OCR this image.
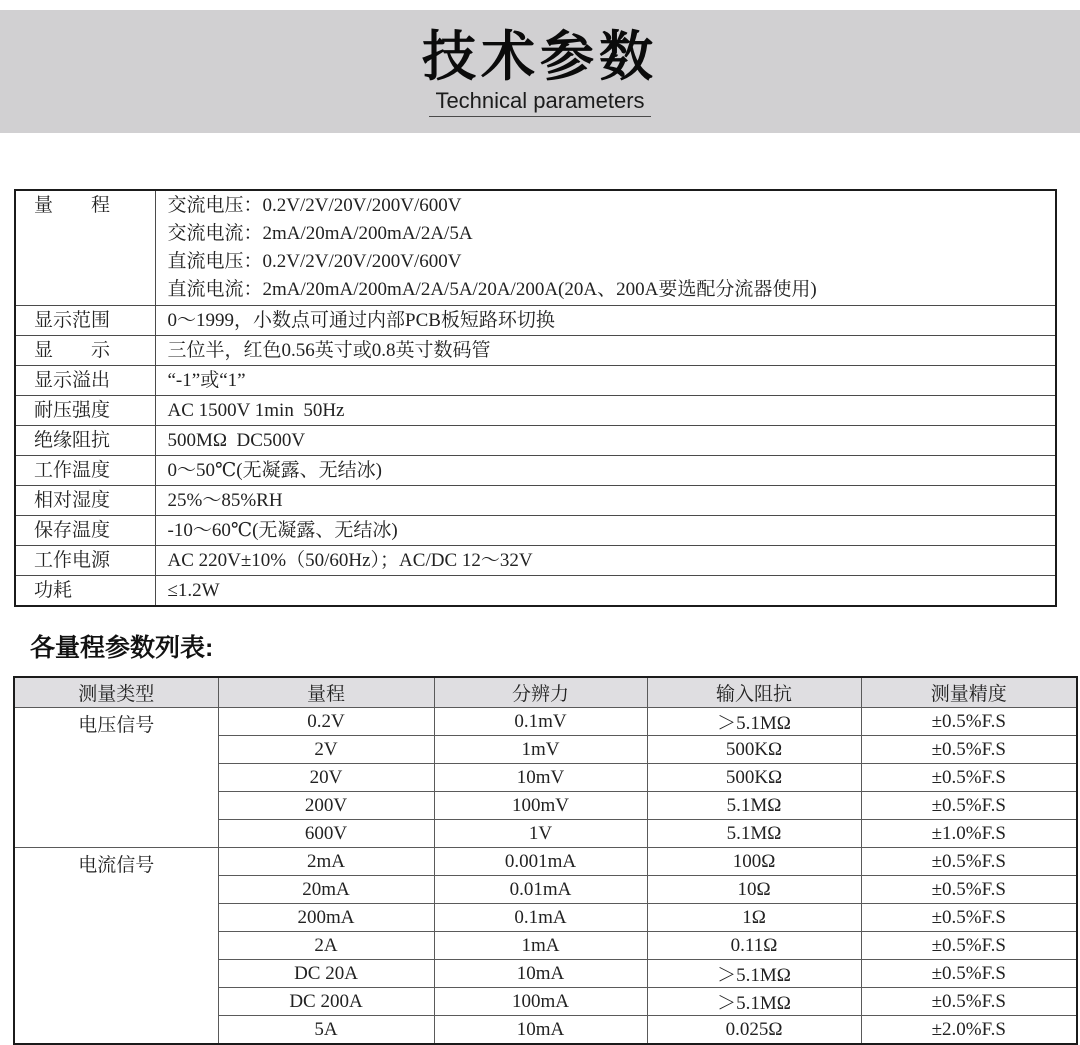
技术参数
Technical parameters
量　　程	交流电压：0.2V/2V/20V/200V/600V
交流电流：2mA/20mA/200mA/2A/5A
直流电压：0.2V/2V/20V/200V/600V
直流电流：2mA/20mA/200mA/2A/5A/20A/200A(20A、200A要选配分流器使用)

显示范围	0～1999，小数点可通过内部PCB板短路环切换
显　　示	三位半，红色0.56英寸或0.8英寸数码管
显示溢出	“-1”或“1”
耐压强度	AC 1500V 1min  50Hz
绝缘阻抗	500MΩ  DC500V
工作温度	0～50℃(无凝露、无结冰)
相对湿度	25%～85%RH
保存温度	-10～60℃(无凝露、无结冰)
工作电源	AC 220V±10%（50/60Hz）；AC/DC 12～32V
功耗	≤1.2W
各量程参数列表:
测量类型	量程	分辨力	输入阻抗	测量精度
电压信号	0.2V	0.1mV	＞5.1MΩ	±0.5%F.S
	2V	1mV	500KΩ	±0.5%F.S
	20V	10mV	500KΩ	±0.5%F.S
	200V	100mV	5.1MΩ	±0.5%F.S
	600V	1V	5.1MΩ	±1.0%F.S
电流信号	2mA	0.001mA	100Ω	±0.5%F.S
	20mA	0.01mA	10Ω	±0.5%F.S
	200mA	0.1mA	1Ω	±0.5%F.S
	2A	1mA	0.11Ω	±0.5%F.S
	DC 20A	10mA	＞5.1MΩ	±0.5%F.S
	DC 200A	100mA	＞5.1MΩ	±0.5%F.S
	5A	10mA	0.025Ω	±2.0%F.S
